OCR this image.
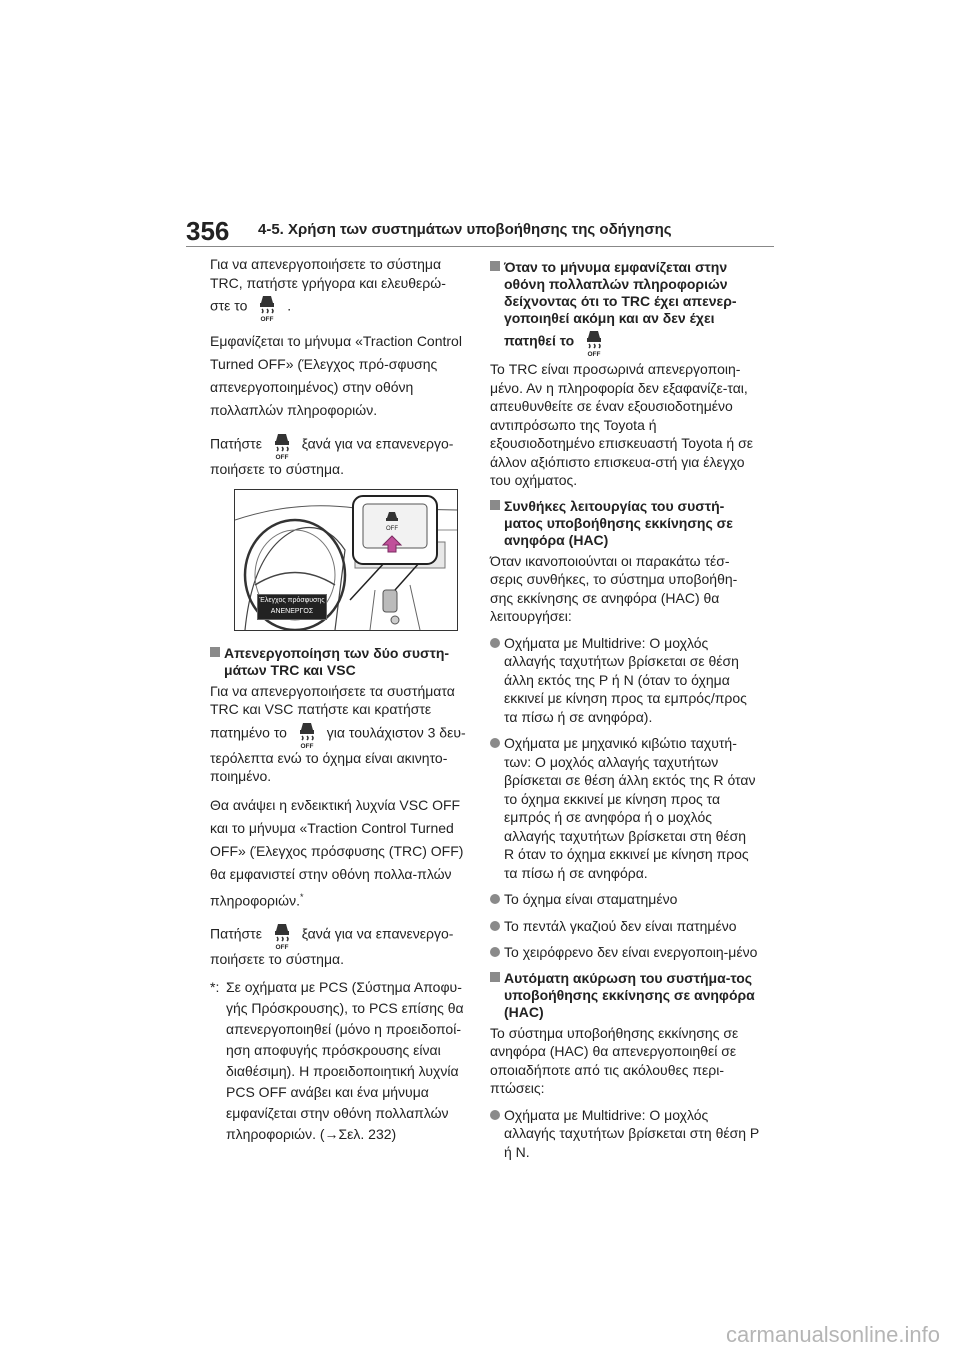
356 4-5. Χρήση των συστημάτων υποβοήθησης της οδήγησης

Για να απενεργοποιήσετε το σύστημα TRC, πατήστε γρήγορα και ελευθερώ-
στε το
OFF
.

Εμφανίζεται το μήνυμα «Traction Control Turned OFF» (Έλεγχος πρό-σφυσης απενεργοποιημένος) στην οθόνη πολλαπλών πληροφοριών.

Πατήστε
OFF
ξανά για να επανενεργο-
ποιήσετε το σύστημα.

OFF
Έλεγχος πρόσφυσης
ΑΝΕΝΕΡΓΟΣ
Απενεργοποίηση των δύο συστη-μάτων TRC και VSC

Για να απενεργοποιήσετε τα συστήματα TRC και VSC πατήστε και κρατήστε
πατημένο το
OFF
για τουλάχιστον 3 δευ-
τερόλεπτα ενώ το όχημα είναι ακινητο-ποιημένο.

Θα ανάψει η ενδεικτική λυχνία VSC OFF και το μήνυμα «Traction Control Turned OFF» (Έλεγχος πρόσφυσης (TRC) OFF) θα εμφανιστεί στην οθόνη πολλα-πλών πληροφοριών.*

Πατήστε
OFF
ξανά για να επανενεργο-
ποιήσετε το σύστημα.

*: Σε οχήματα με PCS (Σύστημα Αποφυ-γής Πρόσκρουσης), το PCS επίσης θα απενεργοποιηθεί (μόνο η προειδοποί-ηση αποφυγής πρόσκρουσης είναι διαθέσιμη). Η προειδοποιητική λυχνία PCS OFF ανάβει και ένα μήνυμα εμφανίζεται στην οθόνη πολλαπλών πληροφοριών. (→Σελ. 232)
Όταν το μήνυμα εμφανίζεται στην οθόνη πολλαπλών πληροφοριών δείχνοντας ότι το TRC έχει απενερ-γοποιηθεί ακόμη και αν δεν έχει
πατηθεί το
OFF

Το TRC είναι προσωρινά απενεργοποιη-μένο. Αν η πληροφορία δεν εξαφανίζε-ται, απευθυνθείτε σε έναν εξουσιοδοτημένο αντιπρόσωπο της Toyota ή εξουσιοδοτημένο επισκευαστή Toyota ή σε άλλον αξιόπιστο επισκευα-στή για έλεγχο του οχήματος.

Συνθήκες λειτουργίας του συστή-ματος υποβοήθησης εκκίνησης σε ανηφόρα (HAC)

Όταν ικανοποιούνται οι παρακάτω τέσ-σερις συνθήκες, το σύστημα υποβοήθη-σης εκκίνησης σε ανηφόρα (HAC) θα λειτουργήσει:

Οχήματα με Multidrive: Ο μοχλός αλλαγής ταχυτήτων βρίσκεται σε θέση άλλη εκτός της P ή N (όταν το όχημα εκκινεί με κίνηση προς τα εμπρός/προς τα πίσω ή σε ανηφόρα).
Οχήματα με μηχανικό κιβώτιο ταχυτή-των: Ο μοχλός αλλαγής ταχυτήτων βρίσκεται σε θέση άλλη εκτός της R όταν το όχημα εκκινεί με κίνηση προς τα εμπρός ή σε ανηφόρα ή ο μοχλός αλλαγής ταχυτήτων βρίσκεται στη θέση R όταν το όχημα εκκινεί με κίνηση προς τα πίσω ή σε ανηφόρα.
Το όχημα είναι σταματημένο
Το πεντάλ γκαζιού δεν είναι πατημένο
Το χειρόφρενο δεν είναι ενεργοποιη-μένο
Αυτόματη ακύρωση του συστήμα-τος υποβοήθησης εκκίνησης σε ανηφόρα (HAC)

Το σύστημα υποβοήθησης εκκίνησης σε ανηφόρα (HAC) θα απενεργοποιηθεί σε οποιαδήποτε από τις ακόλουθες περι-πτώσεις:

Οχήματα με Multidrive: Ο μοχλός αλλαγής ταχυτήτων βρίσκεται στη θέση P ή N.
carmanualsonline.info
